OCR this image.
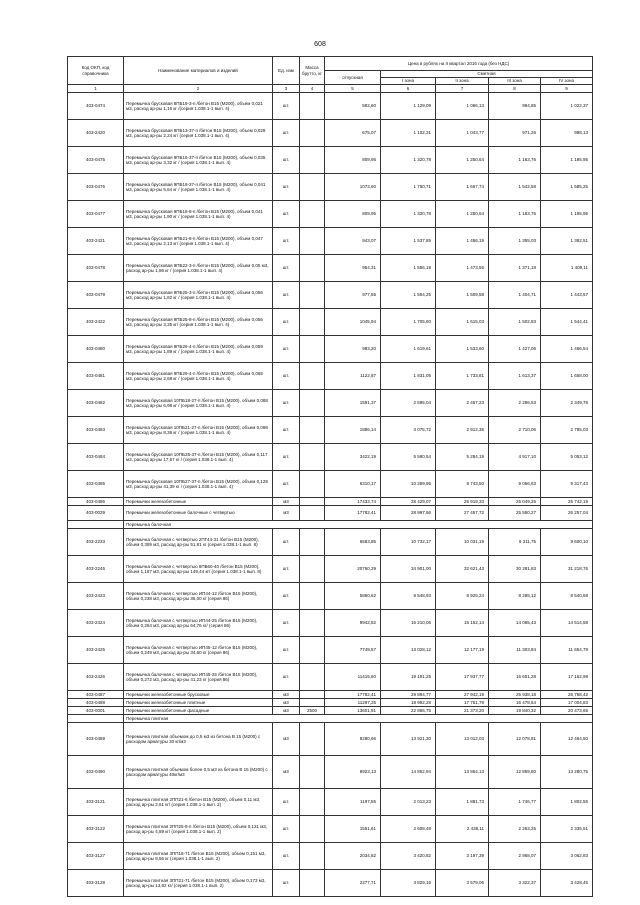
608
Код ОКП, код справочника	Наименование материалов и изделий	Ед. изм	Масса брутто, кг	Цена в рублях на II квартал 2016 года (без НДС)				
				отпускная	Сметная			
					I зона	II зона	III зона	IV зона
1	2	3	4	5	6	7	8	9
403-0474	Перемычка брусковая 8ПБ19-3-п /бетон В15 (М200), объем 0,021 м3, расход ар-ры 1,16 кг /(серия 1.038.1-1 вып. 4)	шт.		592,60	1 129,09	1 066,13	994,85	1 022,37
403-2420	Перемычка брусковая 9ПБ13-37-п /бетон В15 (М200), объем 0,029 м3, расход ар-ры 2,24 кг/ (серия 1.038.1-1 вып. 4)	шт.		675,07	1 102,31	1 043,77	971,26	998,13
403-0475	Перемычка брусковая 9ПБ16-37-п /бетон В15 (М200), объем 0,035 м3, расход ар-ры 3,32 кг / (серия 1.038.1-1 вып. 4)	шт.		809,95	1 320,78	1 250,64	1 163,76	1 195,95
403-0476	Перемычка брусковая 9ПБ18-37-п /бетон В15 (М200), объем 0,041 м3, расход ар-ры 5,64 кг / (серия 1.038.1-1 вып. 4)	шт.		1073,60	1 750,71	1 657,74	1 542,58	1 585,25
403-0477	Перемычка брусковая 9ПБ18-8-п /бетон В15 (М200), объем 0,041 м3, расход ар-ры 1,90 кг / (серия 1.038.1-1 вып. 4)	шт.		809,95	1 320,78	1 250,64	1 163,76	1 195,95
403-2421	Перемычка брусковая 9ПБ21-8-п /бетон В15 (М200), объем 0,047 м3, расход ар-ры 2,13 кг/ (серия 1.038.1-1 вып. 4)	шт.		943,07	1 537,85	1 456,19	1 355,03	1 392,51
403-0478	Перемычка брусковая 9ПБ22-3-п /бетон В15 (М200), объем 0,05 м3, расход ар-ры 1,86 кг / (серия 1.038.1-1 вып. 4)	шт.		954,31	1 556,19	1 473,55	1 371,18	1 409,11
403-0479	Перемычка брусковая 9ПБ25-3-п /бетон В15 (М200), объем 0,056 м3, расход ар-ры 1,82 кг / (серия 1.038.1-1 вып. 4)	шт.		977,65	1 594,25	1 509,58	1 404,71	1 443,57
403-2422	Перемычка брусковая 9ПБ25-8-п /бетон В15 (М200), объем 0,056 м3, расход ар-ры 3,35 кг/ (серия 1.038.1-1 вып. 4)	шт.		1045,94	1 705,60	1 615,03	1 502,83	1 544,41
403-0480	Перемычка брусковая 9ПБ26-4-п /бетон В15 (М200), объем 0,059 м3, расход ар-ры 1,89 кг / (серия 1.038.1-1 вып. 4)	шт.		993,20	1 619,61	1 533,60	1 427,06	1 466,54
403-0481	Перемычка брусковая 9ПБ29-4-п /бетон В15 (М200), объем 0,065 м3, расход ар-ры 2,68 кг / (серия 1.038.1-1 вып. 4)	шт.		1122,87	1 831,05	1 733,81	1 613,37	1 658,00
403-0482	Перемычка брусковая 10ПБ18-27-п /бетон В15 (М200), объем 0,088 м3, расход ар-ры 6,98 кг / (серия 1.038.1-1 вып. 4)	шт.		1591,37	2 595,04	2 457,23	2 286,53	2 349,78
403-0483	Перемычка брусковая 10ПБ21-27-п /бетон В15 (М200), объем 0,098 м3, расход ар-ры 8,36 кг / (серия 1.038.1-1 вып. 4)	шт.		1886,14	3 075,72	2 912,35	2 710,06	2 785,03
403-0484	Перемычка брусковая 10ПБ25-37-п /бетон В15 (М200), объем 0,117 м3, расход ар-ры 17,67 кг / (серия 1.038.1-1 вып. 4)	шт.		3422,19	5 580,54	5 284,19	4 917,10	5 053,12
403-0485	Перемычка брусковая 10ПБ27-37-п /бетон В15 (М200), объем 0,129 м3, расход ар-ры 41,39 кг / (серия 1.038.1-1 вып. 4)	шт.		6310,17	10 289,95	9 743,50	9 066,63	9 317,43
403-0486	Перемычки железобетонные	м3		17433,74	28 429,07	26 919,33	25 049,25	25 742,19
403-0029	Перемычки железобетонные балочные с четвертью	м3		17782,41	28 997,66	27 457,72	25 550,27	26 257,04
	Перемычка балочная							
403-2233	Перемычка балочная с четвертью 2ПГ44-31 /бетон В15 (М200), объем 0,359 м3, расход ар-ры 51,81 кг (серия 1.038.1-1 вып. 8)	шт.		6583,85	10 732,17	10 031,19	9 311,75	9 600,10
403-2245	Перемычка балочная с четвертью 8ПБ60-40 /бетон В15 (М200), объем 1,187 м3, расход ар-ры 149,44 кг/ (серия 1.038.1-1 вып. 8)	шт.		20760,29	34 901,00	32 621,43	30 281,83	31 218,76
403-2423	Перемычка балочная с четвертью ИП44-12 /бетон В15 (М200), объем 0,238 м3, расход ар-ры 36,00 кг (серия 86)	шт.		5860,62	9 548,93	8 925,24	8 285,12	8 540,68
403-2424	Перемычка балочная с четвертью ИП44-25 /бетон В15 (М200), объем 0,264 м3, расход ар-ры 64,76 кг/ (серия 86)	шт.		9942,82	16 210,06	15 152,14	14 065,43	14 514,58
403-2425	Перемычка балочная с четвертью ИП45-12 /бетон В15 (М200), объем 0,249 м3, расход ар-ры 34,60 кг (серия 86)	шт.		7749,57	13 028,12	12 177,19	11 303,84	11 654,79
403-2426	Перемычка балочная с четвертью ИП45-25 /бетон В15 (М200), объем 0,272 м3, расход ар-ры 41,23 кг (серия 86)	шт.		11415,60	19 191,25	17 937,77	16 651,28	17 162,98
403-0487	Перемычки железобетонные брусковые	м3		17782,41	29 894,77	27 942,19	25 938,18	26 768,42
403-0488	Перемычки железобетонные плитные	м3		11297,25	18 992,28	17 751,79	16 478,64	17 004,83
403-0001	Перемычки железобетонные фасадные	м3	2500	13601,91	22 866,75	21 373,20	19 840,32	20 473,65
	Перемычка плитная							
403-0489	Перемычка плитная объемом до 0,5 м3 из бетона В 15 (М200) с расходом арматуры 30 кг/м3	м3		8280,66	13 921,30	13 012,03	12 078,81	12 464,50
403-0490	Перемычка плитная объемом более 0,5 м3 из бетона В 15 (М200) с расходом арматуры 40кг/м3	м3		8923,13	14 852,94	13 864,13	12 869,80	13 280,75
403-3121	Перемычка плитная 2ПП21-6 /бетон В15 (М200), объем 0,11 м3, расход ар-ры 2,61 кг/ (серия 1.038.1-1 вып. 2)	шт.		1197,55	2 013,23	1 881,73	1 746,77	1 802,55
403-3122	Перемычка плитная 2ПП25-8-п /бетон В15 (М200), объем 0,131 м3, расход ар-ры 4,89 кг/ (серия 1.038.1-1 вып. 2)	шт.		1551,61	2 608,48	2 438,11	2 263,25	2 335,51
403-3127	Перемычка плитная 3ПП18-71 /бетон В15 (М200), объем 0,151 м3, расход ар-ры 9,56 кг (серия 1.038.1-1 вып. 2)	шт.		2034,82	3 420,82	3 197,39	2 968,07	3 062,83
403-3128	Перемычка плитная 3ПП21-71 /бетон В15 (М200), объем 0,173 м3, расход ар-ры 13,82 кг/ (серия 1.038.1-1 вып. 2)	шт.		2277,71	3 829,16	3 579,06	3 322,37	3 428,45
